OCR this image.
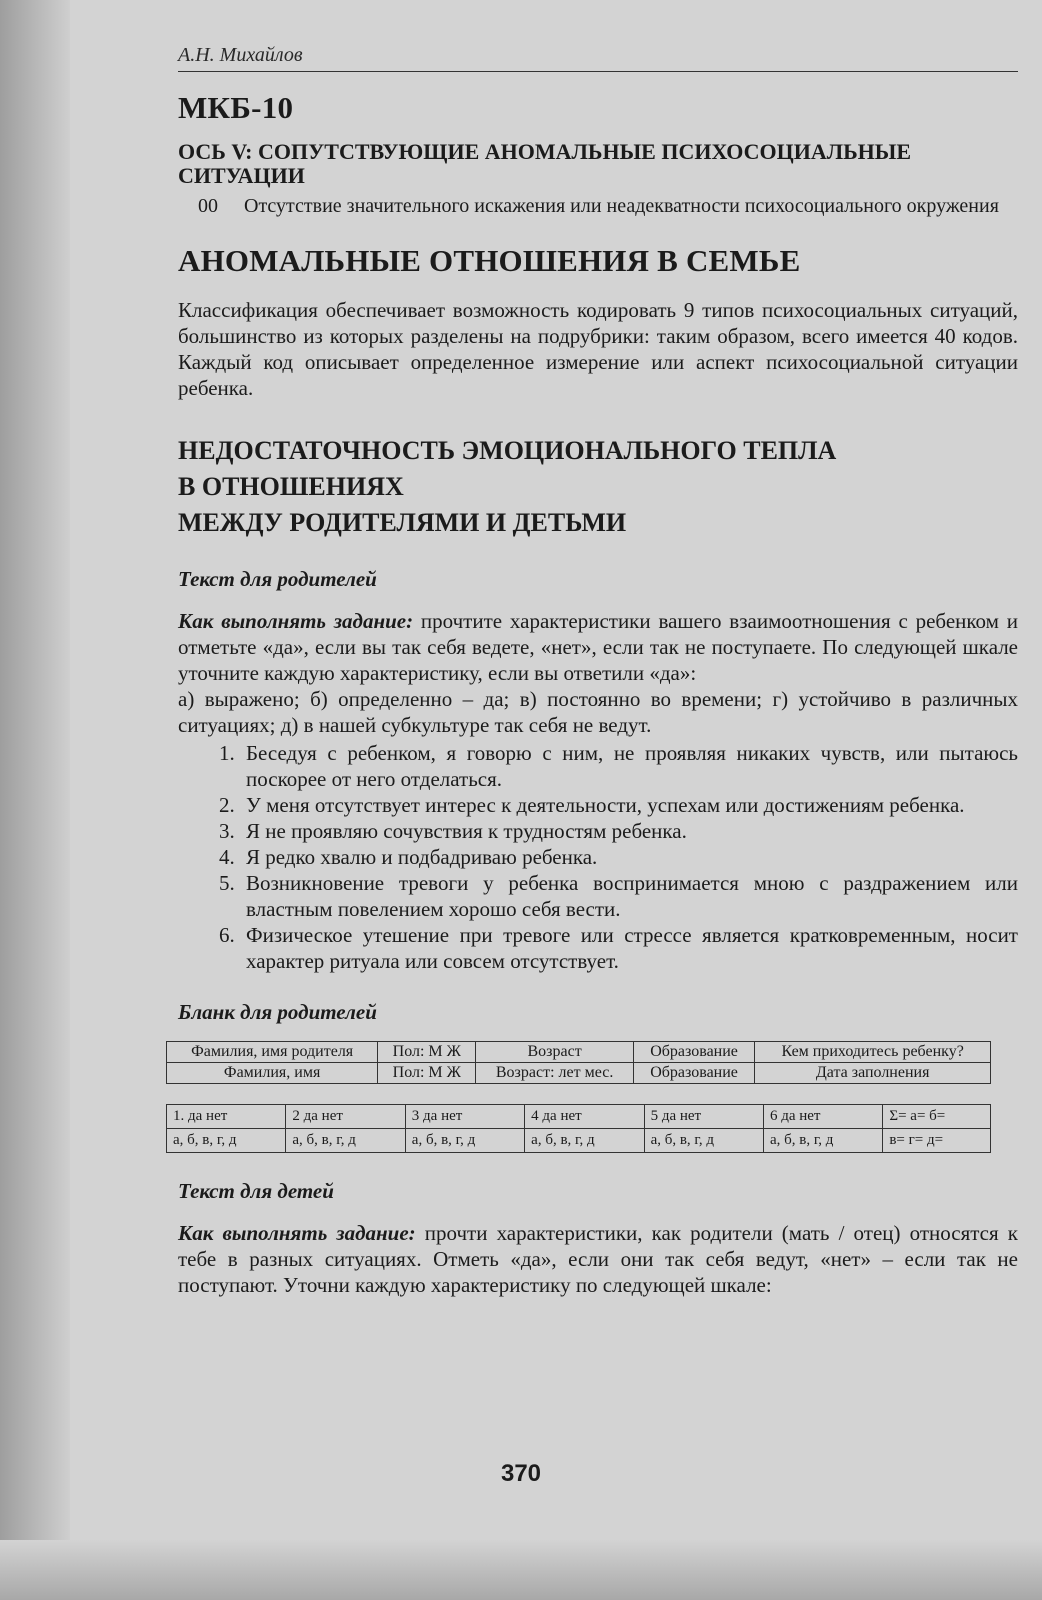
А.Н. Михайлов
МКБ-10
ОСЬ V: СОПУТСТВУЮЩИЕ АНОМАЛЬНЫЕ ПСИХОСОЦИАЛЬНЫЕ СИТУАЦИИ
00	Отсутствие значительного искажения или неадекватности психосоциального окружения
АНОМАЛЬНЫЕ ОТНОШЕНИЯ В СЕМЬЕ

Классификация обеспечивает возможность кодировать 9 типов психосоциальных ситуаций, большинство из которых разделены на подрубрики: таким образом, всего имеется 40 кодов. Каждый код описывает определенное измерение или аспект психосоциальной ситуации ребенка.

НЕДОСТАТОЧНОСТЬ ЭМОЦИОНАЛЬНОГО ТЕПЛА
В ОТНОШЕНИЯХ
МЕЖДУ РОДИТЕЛЯМИ И ДЕТЬМИ
Текст для родителей

Как выполнять задание: прочтите характеристики вашего взаимоотношения с ребенком и отметьте «да», если вы так себя ведете, «нет», если так не поступаете. По следующей шкале уточните каждую характеристику, если вы ответили «да»:

а) выражено; б) определенно – да; в) постоянно во времени; г) устойчиво в различных ситуациях; д) в нашей субкультуре так себя не ведут.

1. Беседуя с ребенком, я говорю с ним, не проявляя никаких чувств, или пытаюсь поскорее от него отделаться.
2. У меня отсутствует интерес к деятельности, успехам или достижениям ребенка.
3. Я не проявляю сочувствия к трудностям ребенка.
4. Я редко хвалю и подбадриваю ребенка.
5. Возникновение тревоги у ребенка воспринимается мною с раздражением или властным повелением хорошо себя вести.
6. Физическое утешение при тревоге или стрессе является кратковременным, носит характер ритуала или совсем отсутствует.
Бланк для родителей
Фамилия, имя родителя	Пол: М Ж	Возраст	Образование	Кем приходитесь ребенку?
Фамилия, имя	Пол: М Ж	Возраст: лет мес.	Образование	Дата заполнения
1. да нет	2 да нет	3 да нет	4 да нет	5 да нет	6 да нет	Σ= а= б=
а, б, в, г, д	а, б, в, г, д	а, б, в, г, д	а, б, в, г, д	а, б, в, г, д	а, б, в, г, д	в= г= д=
Текст для детей

Как выполнять задание: прочти характеристики, как родители (мать / отец) относятся к тебе в разных ситуациях. Отметь «да», если они так себя ведут, «нет» – если так не поступают. Уточни каждую характеристику по следующей шкале:

370
